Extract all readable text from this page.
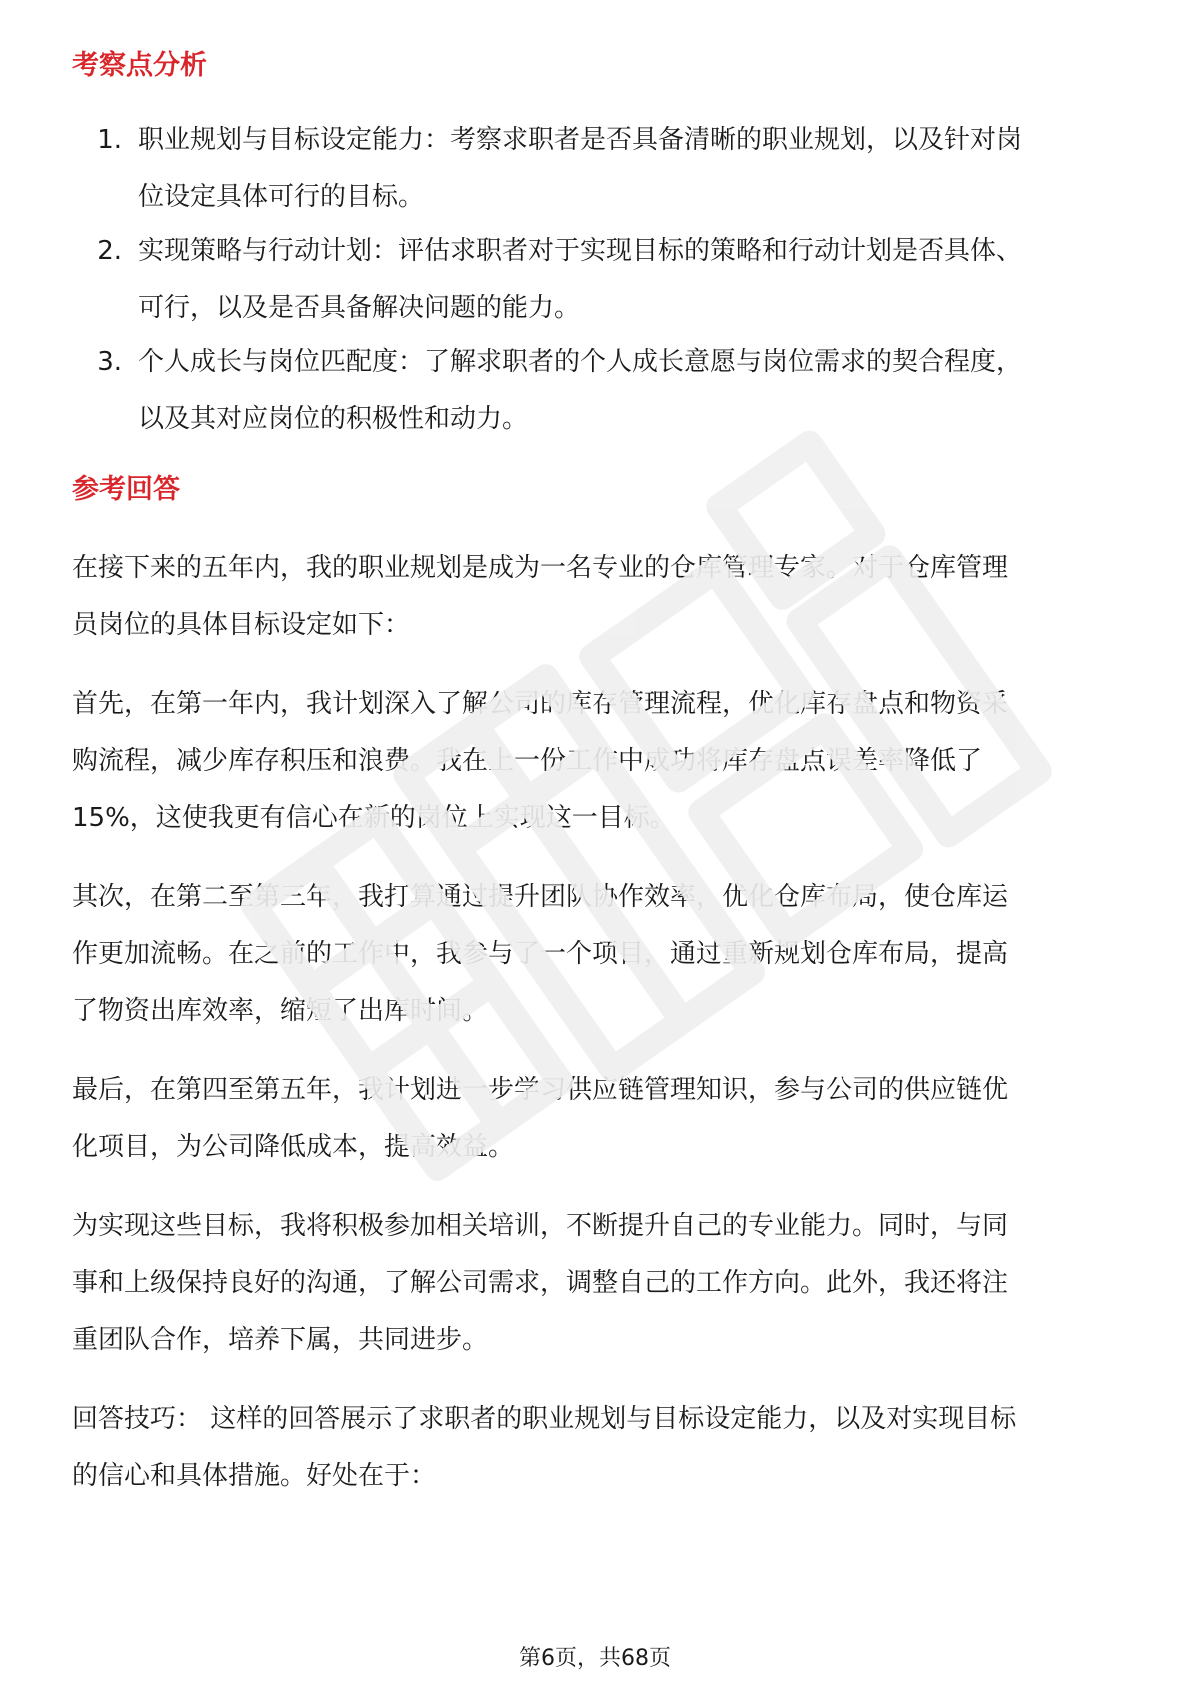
考察点分析
1. 职业规划与目标设定能力：考察求职者是否具备清晰的职业规划，以及针对岗
位设定具体可行的目标。
2. 实现策略与行动计划：评估求职者对于实现目标的策略和行动计划是否具体、
可行，以及是否具备解决问题的能力。
3. 个人成长与岗位匹配度：了解求职者的个人成长意愿与岗位需求的契合程度，
以及其对应岗位的积极性和动力。
参考回答

在接下来的五年内，我的职业规划是成为一名专业的仓库管理专家。对于仓库管理
员岗位的具体目标设定如下：

首先，在第一年内，我计划深入了解公司的库存管理流程，优化库存盘点和物资采
购流程，减少库存积压和浪费。我在上一份工作中成功将库存盘点误差率降低了
15%，这使我更有信心在新的岗位上实现这一目标。

其次，在第二至第三年，我打算通过提升团队协作效率，优化仓库布局，使仓库运
作更加流畅。在之前的工作中，我参与了一个项目，通过重新规划仓库布局，提高
了物资出库效率，缩短了出库时间。

最后，在第四至第五年，我计划进一步学习供应链管理知识，参与公司的供应链优
化项目，为公司降低成本，提高效益。

为实现这些目标，我将积极参加相关培训，不断提升自己的专业能力。同时，与同
事和上级保持良好的沟通，了解公司需求，调整自己的工作方向。此外，我还将注
重团队合作，培养下属，共同进步。

回答技巧： 这样的回答展示了求职者的职业规划与目标设定能力，以及对实现目标
的信心和具体措施。好处在于：

第6页，共68页
